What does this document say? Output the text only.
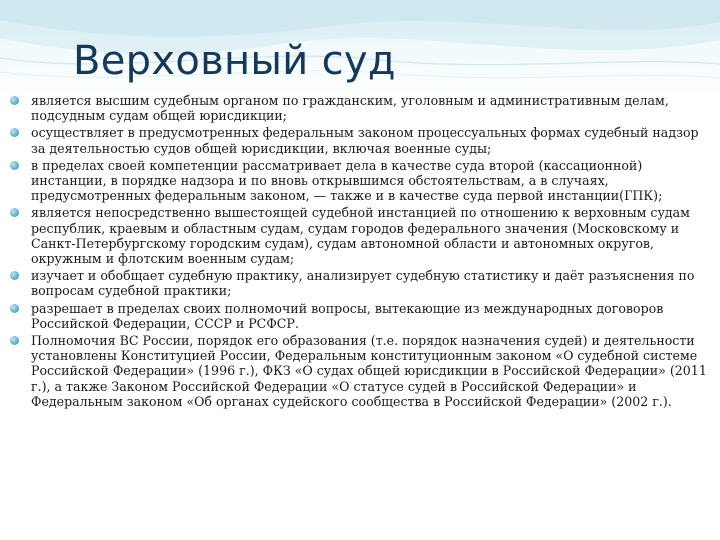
Верховный суд
является высшим судебным органом по гражданским, уголовным и административным делам, подсудным судам общей юрисдикции;
осуществляет в предусмотренных федеральным законом процессуальных формах судебный надзор за деятельностью судов общей юрисдикции, включая военные суды;
в пределах своей компетенции рассматривает дела в качестве суда второй (кассационной) инстанции, в порядке надзора и по вновь открывшимся обстоятельствам, а в случаях, предусмотренных федеральным законом, — также и в качестве суда первой инстанции(ГПК);
является непосредственно вышестоящей судебной инстанцией по отношению к верховным судам республик, краевым и областным судам, судам городов федерального значения (Московскому и Санкт-Петербургскому городским судам), судам автономной области и автономных округов, окружным и флотским военным судам;
изучает и обобщает судебную практику, анализирует судебную статистику и даёт разъяснения по вопросам судебной практики;
разрешает в пределах своих полномочий вопросы, вытекающие из международных договоров Российской Федерации, СССР и РСФСР.
Полномочия ВС России, порядок его образования (т.е. порядок назначения судей) и деятельности установлены Конституцией России, Федеральным конституционным законом «О судебной системе Российской Федерации» (1996 г.), ФКЗ «О судах общей юрисдикции в Российской Федерации» (2011 г.), а также Законом Российской Федерации «О статусе судей в Российской Федерации» и Федеральным законом «Об органах судейского сообщества в Российской Федерации» (2002 г.).
